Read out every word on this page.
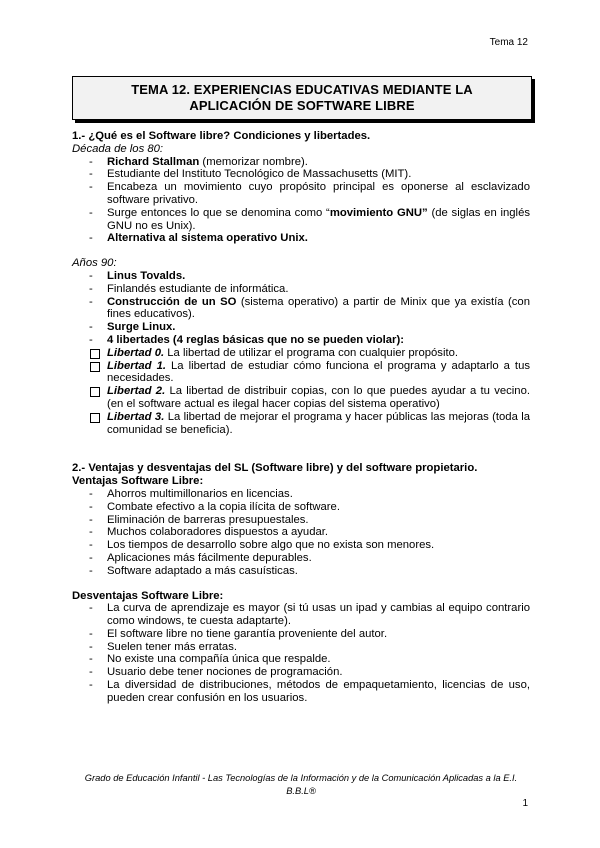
Tema 12
TEMA 12. EXPERIENCIAS EDUCATIVAS MEDIANTE LA
APLICACIÓN DE SOFTWARE LIBRE

1.- ¿Qué es el Software libre? Condiciones y libertades.

Década de los 80:

- Richard Stallman (memorizar nombre).
- Estudiante del Instituto Tecnológico de Massachusetts (MIT).
- Encabeza un movimiento cuyo propósito principal es oponerse al esclavizado software privativo.
- Surge entonces lo que se denomina como “movimiento GNU” (de siglas en inglés GNU no es Unix).
- Alternativa al sistema operativo Unix.

Años 90:

- Linus Tovalds.
- Finlandés estudiante de informática.
- Construcción de un SO (sistema operativo) a partir de Minix que ya existía (con fines educativos).
- Surge Linux.
- 4 libertades (4 reglas básicas que no se pueden violar):
Libertad 0. La libertad de utilizar el programa con cualquier propósito.
Libertad 1. La libertad de estudiar cómo funciona el programa y adaptarlo a tus necesidades.
Libertad 2. La libertad de distribuir copias, con lo que puedes ayudar a tu vecino. (en el software actual es ilegal hacer copias del sistema operativo)
Libertad 3. La libertad de mejorar el programa y hacer públicas las mejoras (toda la comunidad se beneficia).

2.- Ventajas y desventajas del SL (Software libre) y del software propietario.

Ventajas Software Libre:

- Ahorros multimillonarios en licencias.
- Combate efectivo a la copia ilícita de software.
- Eliminación de barreras presupuestales.
- Muchos colaboradores dispuestos a ayudar.
- Los tiempos de desarrollo sobre algo que no exista son menores.
- Aplicaciones más fácilmente depurables.
- Software adaptado a más casuísticas.

Desventajas Software Libre:

- La curva de aprendizaje es mayor (si tú usas un ipad y cambias al equipo contrario como windows, te cuesta adaptarte).
- El software libre no tiene garantía proveniente del autor.
- Suelen tener más erratas.
- No existe una compañía única que respalde.
- Usuario debe tener nociones de programación.
- La diversidad de distribuciones, métodos de empaquetamiento, licencias de uso, pueden crear confusión en los usuarios.
Grado de Educación Infantil - Las Tecnologías de la Información y de la Comunicación Aplicadas a la E.I.
B.B.L®
1
